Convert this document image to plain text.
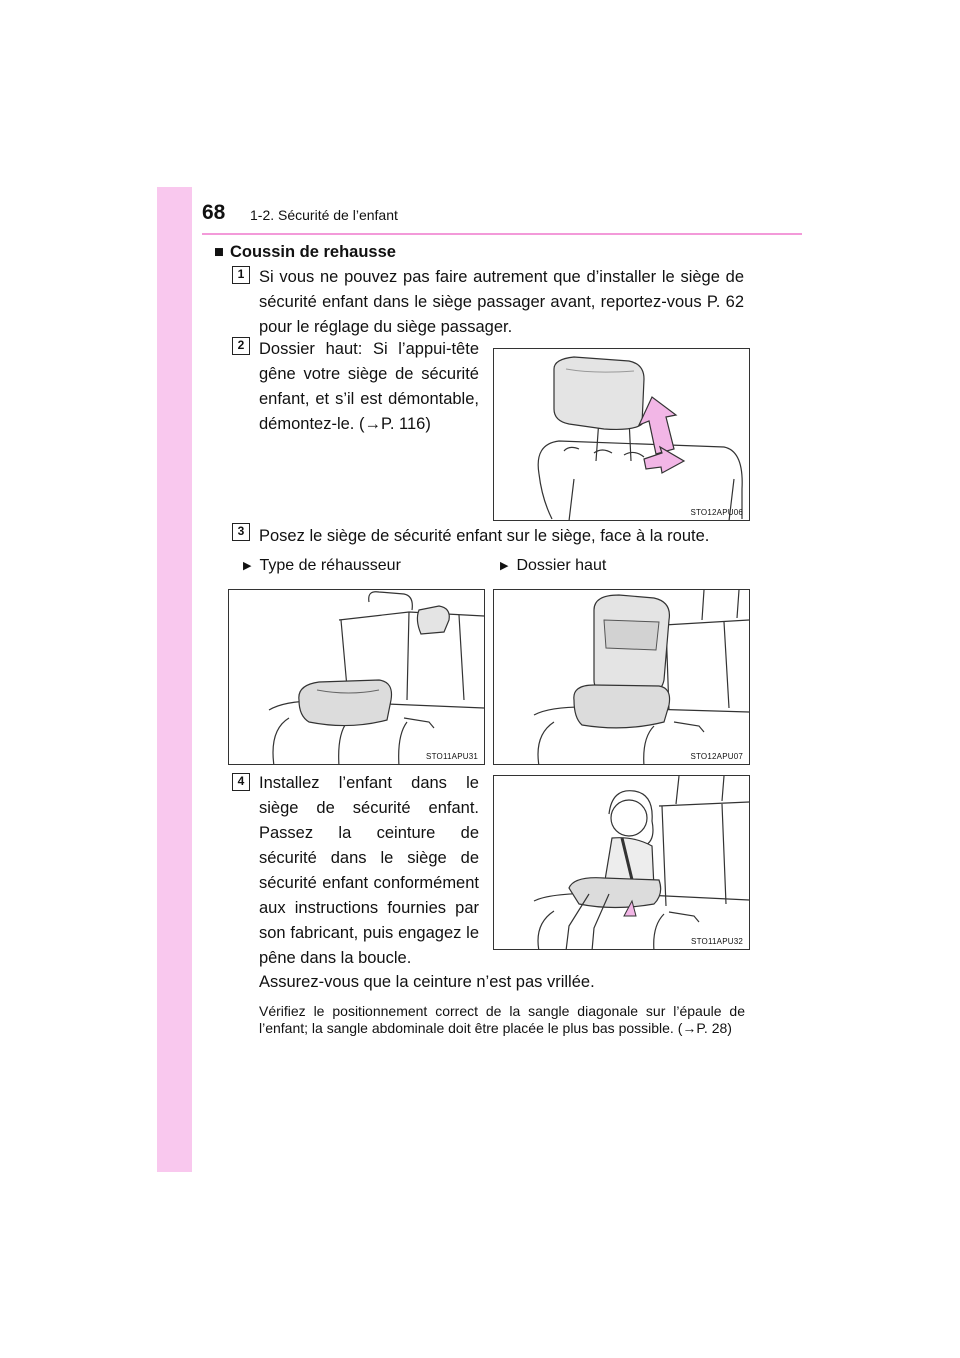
68 1-2. Sécurité de l’enfant
■ Coussin de rehausse
1 Si vous ne pouvez pas faire autrement que d’installer le siège de sécurité enfant dans le siège passager avant, reportez-vous P. 62 pour le réglage du siège passager.
2 Dossier haut: Si l’appui-tête gêne votre siège de sécurité enfant, et s’il est démontable, démontez-le. (→P. 116)
STO12APU06
3 Posez le siège de sécurité enfant sur le siège, face à la route.
▶ Type de réhausseur	▶ Dossier haut
STO11APU31	STO12APU07
4 Installez l’enfant dans le siège de sécurité enfant. Passez la ceinture de sécurité dans le siège de sécurité enfant conformément aux instructions fournies par son fabricant, puis engagez le pêne dans la boucle.
STO11APU32
Assurez-vous que la ceinture n’est pas vrillée.
Vérifiez le positionnement correct de la sangle diagonale sur l’épaule de l’enfant; la sangle abdominale doit être placée le plus bas possible. (→P. 28)
